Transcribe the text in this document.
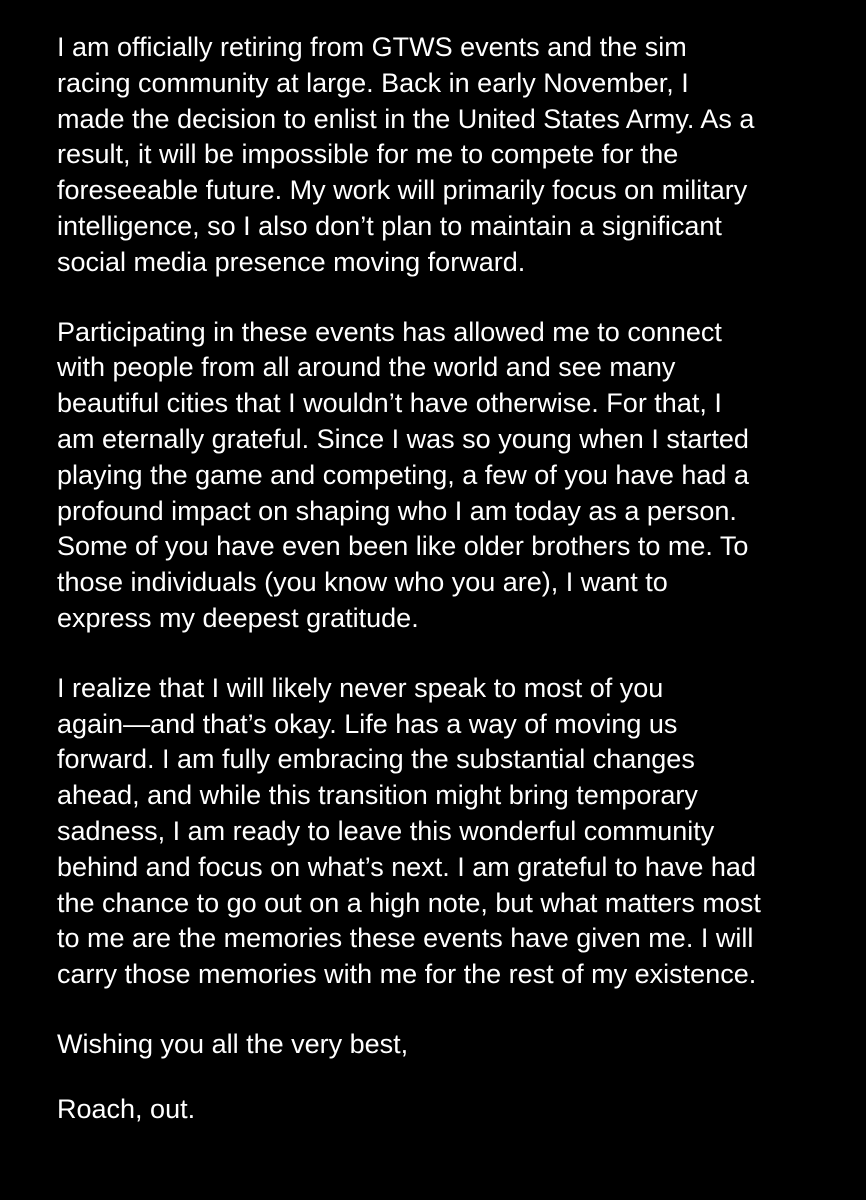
I am officially retiring from GTWS events and the sim
racing community at large. Back in early November, I
made the decision to enlist in the United States Army. As a
result, it will be impossible for me to compete for the
foreseeable future. My work will primarily focus on military
intelligence, so I also don’t plan to maintain a significant
social media presence moving forward.

Participating in these events has allowed me to connect
with people from all around the world and see many
beautiful cities that I wouldn’t have otherwise. For that, I
am eternally grateful. Since I was so young when I started
playing the game and competing, a few of you have had a
profound impact on shaping who I am today as a person.
Some of you have even been like older brothers to me. To
those individuals (you know who you are), I want to
express my deepest gratitude.

I realize that I will likely never speak to most of you
again—and that’s okay. Life has a way of moving us
forward. I am fully embracing the substantial changes
ahead, and while this transition might bring temporary
sadness, I am ready to leave this wonderful community
behind and focus on what’s next. I am grateful to have had
the chance to go out on a high note, but what matters most
to me are the memories these events have given me. I will
carry those memories with me for the rest of my existence.

Wishing you all the very best,

Roach, out.
